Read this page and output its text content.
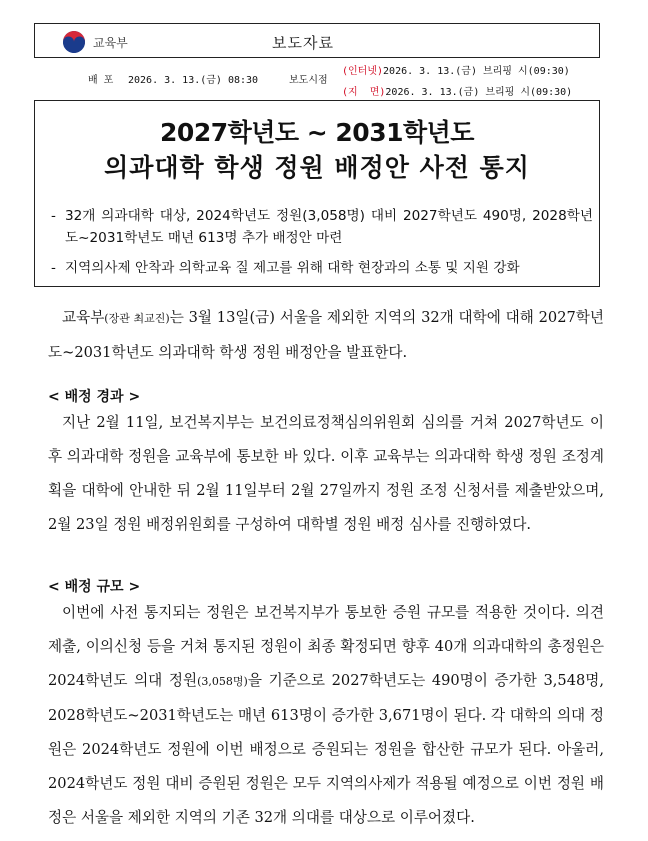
교육부	보도자료
배 포 2026. 3. 13.(금) 08:30	보도시점
(인터넷)2026. 3. 13.(금) 브리핑 시(09:30)
(지  면)2026. 3. 13.(금) 브리핑 시(09:30)
2027학년도 ~ 2031학년도
의과대학 학생 정원 배정안 사전 통지
- 32개 의과대학 대상, 2024학년도 정원(3,058명) 대비 2027학년도 490명, 2028학년도~2031학년도 매년 613명 추가 배정안 마련
- 지역의사제 안착과 의학교육 질 제고를 위해 대학 현장과의 소통 및 지원 강화
교육부(장관 최교진)는 3월 13일(금) 서울을 제외한 지역의 32개 대학에 대해 2027학년도~2031학년도 의과대학 학생 정원 배정안을 발표한다.
< 배정 경과 >
지난 2월 11일, 보건복지부는 보건의료정책심의위원회 심의를 거쳐 2027학년도 이후 의과대학 정원을 교육부에 통보한 바 있다. 이후 교육부는 의과대학 학생 정원 조정계획을 대학에 안내한 뒤 2월 11일부터 2월 27일까지 정원 조정 신청서를 제출받았으며, 2월 23일 정원 배정위원회를 구성하여 대학별 정원 배정 심사를 진행하였다.
< 배정 규모 >
이번에 사전 통지되는 정원은 보건복지부가 통보한 증원 규모를 적용한 것이다. 의견제출, 이의신청 등을 거쳐 통지된 정원이 최종 확정되면 향후 40개 의과대학의 총정원은 2024학년도 의대 정원(3,058명)을 기준으로 2027학년도는 490명이 증가한 3,548명, 2028학년도~2031학년도는 매년 613명이 증가한 3,671명이 된다. 각 대학의 의대 정원은 2024학년도 정원에 이번 배정으로 증원되는 정원을 합산한 규모가 된다. 아울러, 2024학년도 정원 대비 증원된 정원은 모두 지역의사제가 적용될 예정으로 이번 정원 배정은 서울을 제외한 지역의 기존 32개 의대를 대상으로 이루어졌다.
